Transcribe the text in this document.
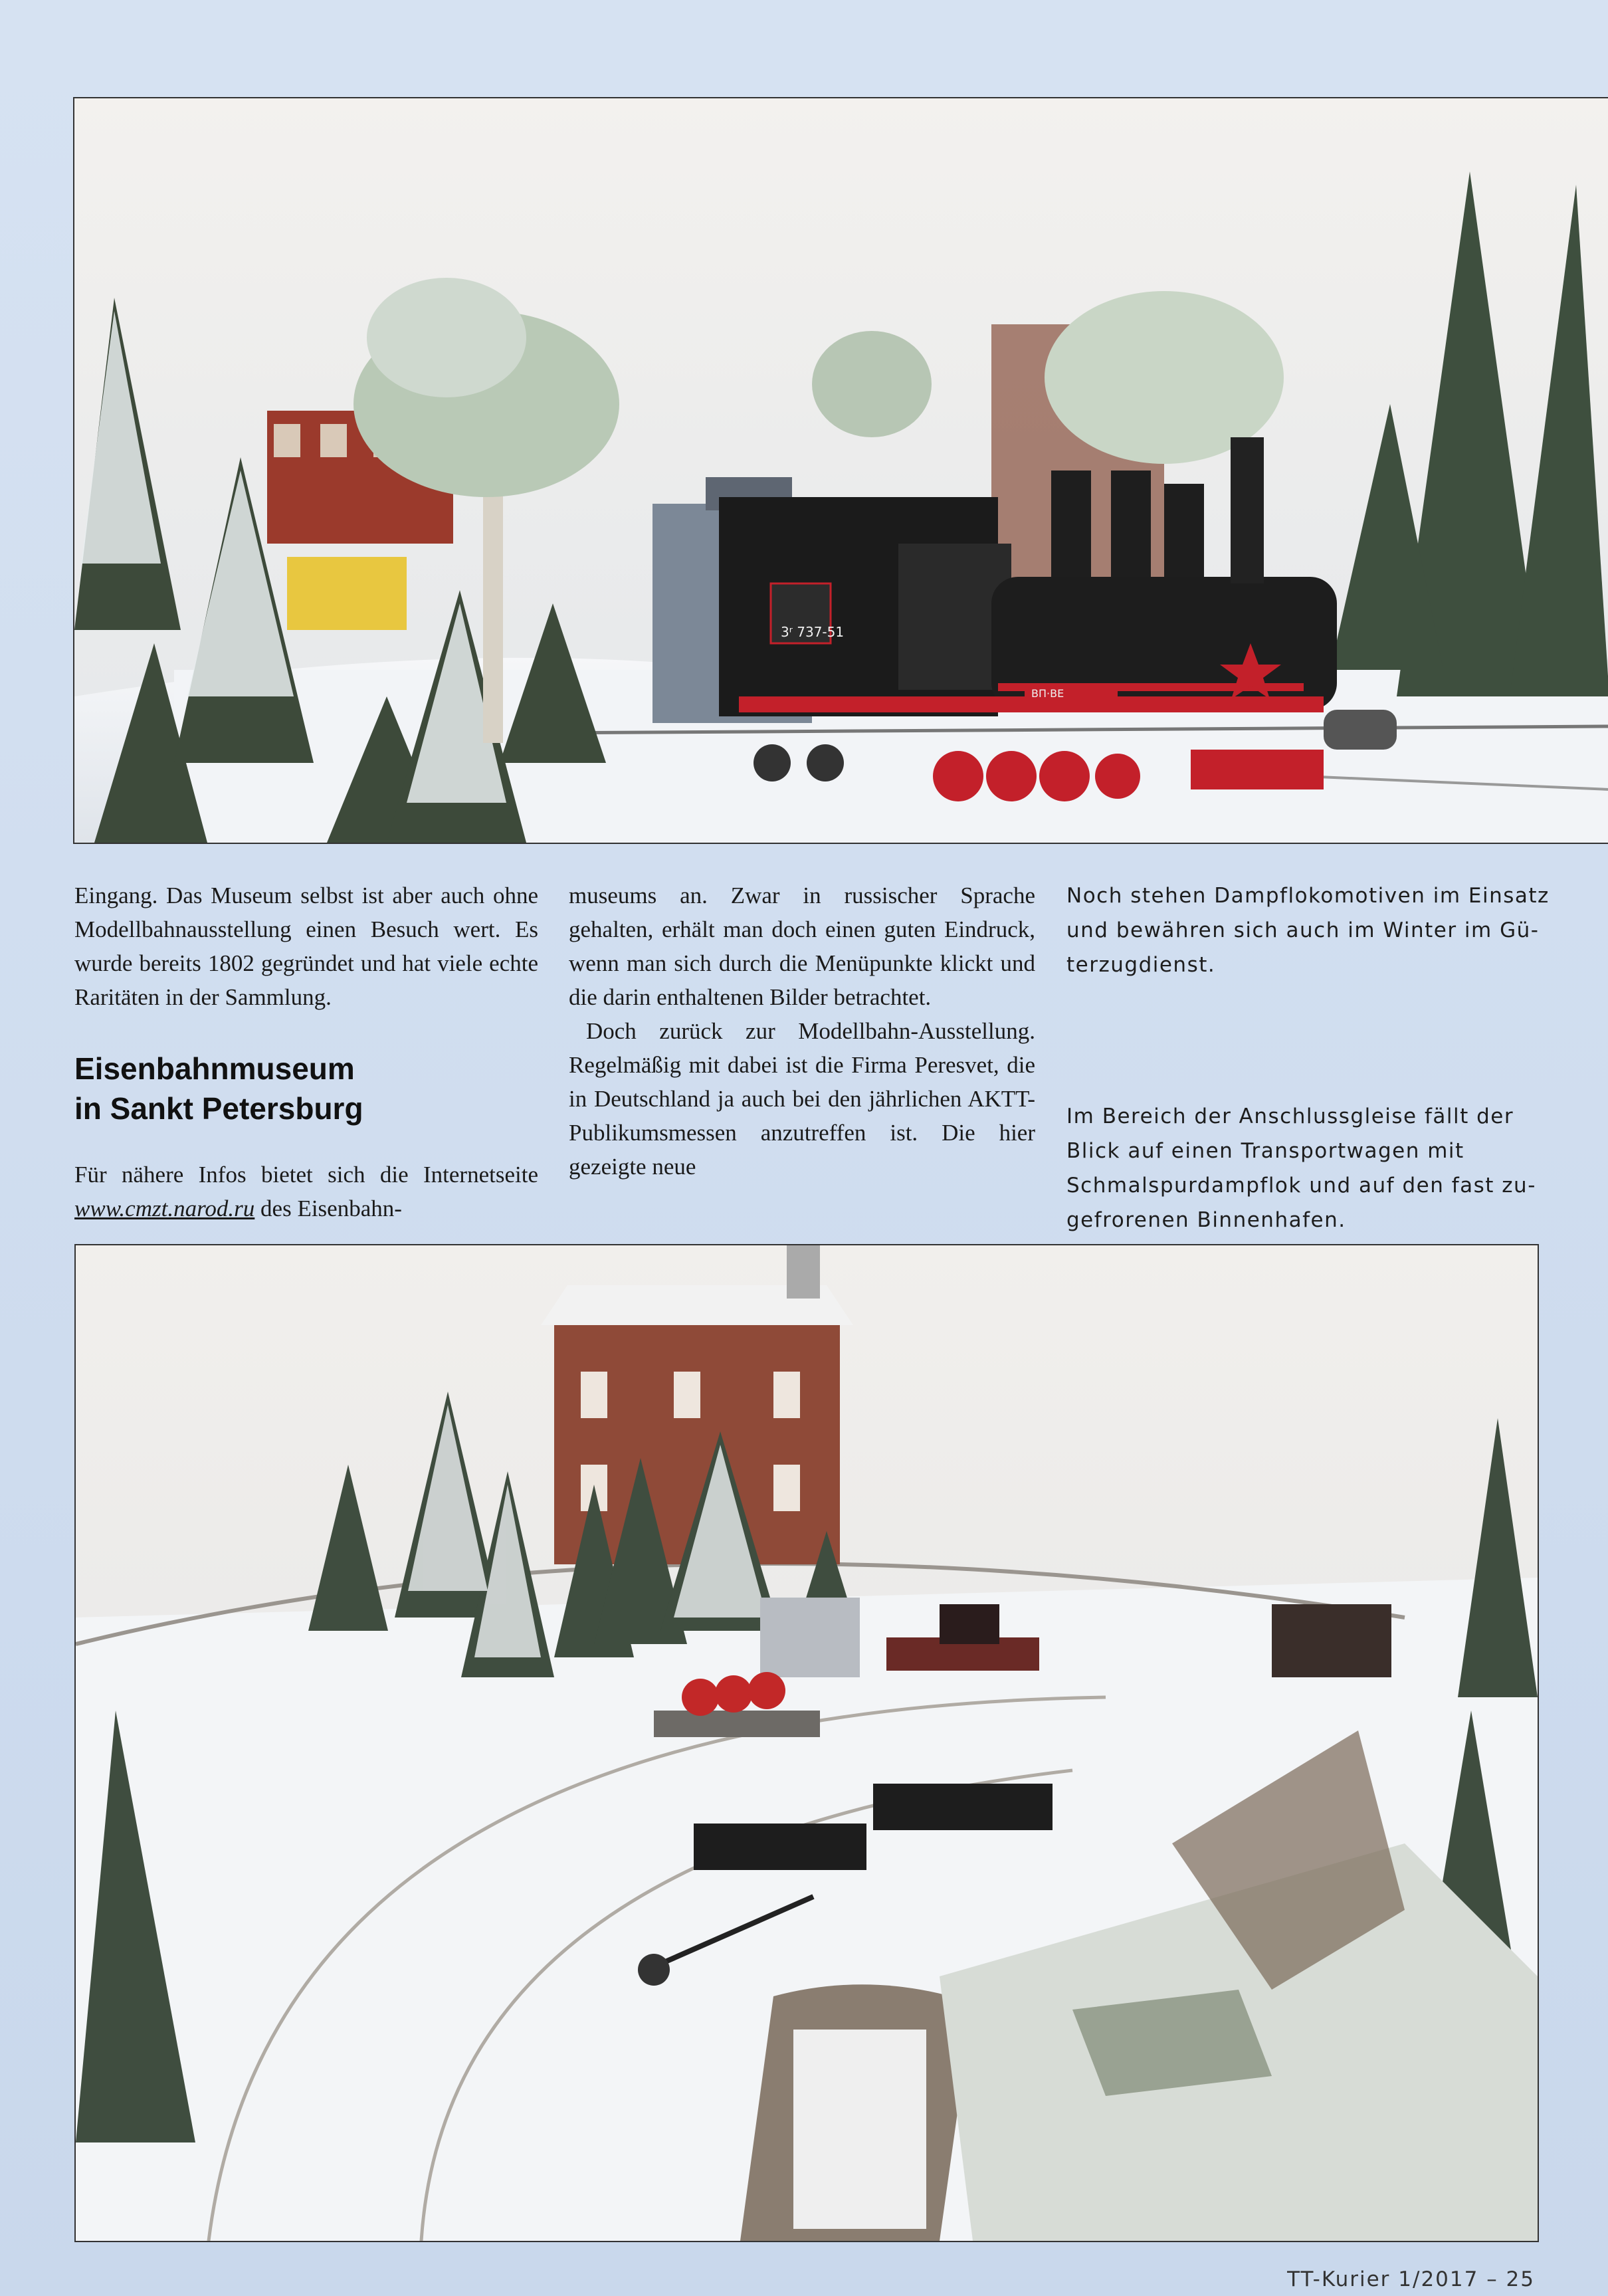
3ʳ 737-51
ВП·ВЕ

Eingang. Das Museum selbst ist aber auch ohne Modellbahnausstellung einen Besuch wert. Es wurde bereits 1802 gegründet und hat viele echte Raritäten in der Sammlung.

Eisenbahnmuseum
in Sankt Petersburg

Für nähere Infos bietet sich die Internetseite www.cmzt.narod.ru des Eisenbahn-

museums an. Zwar in russischer Sprache gehalten, erhält man doch einen guten Eindruck, wenn man sich durch die Menüpunkte klickt und die darin enthaltenen Bilder betrachtet.

Doch zurück zur Modellbahn-Ausstellung. Regelmäßig mit dabei ist die Firma Peresvet, die in Deutschland ja auch bei den jährlichen AKTT-Publikumsmessen anzutreffen ist. Die hier gezeigte neue

Noch stehen Dampflokomotiven im Einsatz und bewähren sich auch im Winter im Güterzugdienst.

Im Bereich der Anschlussgleise fällt der Blick auf einen Transportwagen mit Schmalspurdampflok und auf den fast zugefrorenen Binnenhafen.

TT-Kurier 1/2017 – 25
